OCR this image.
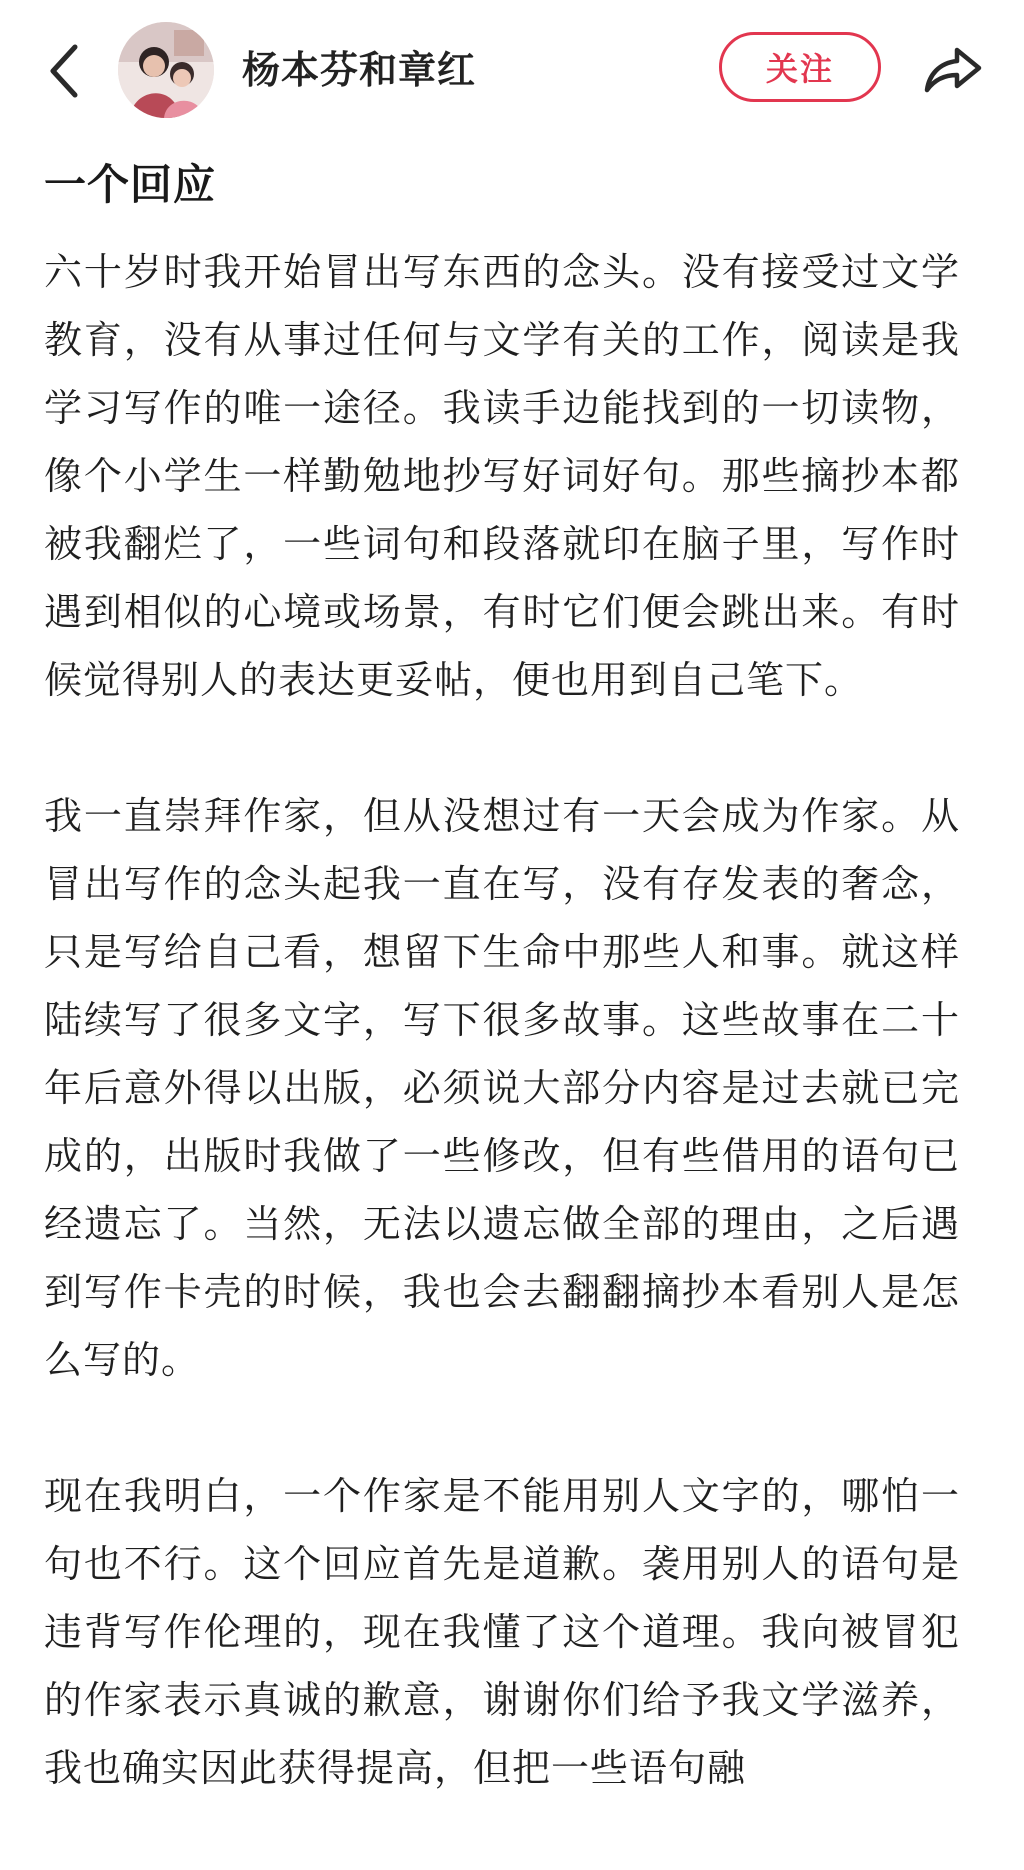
杨本芬和章红	关注
一个回应

六十岁时我开始冒出写东西的念头。没有接受过文学教育，没有从事过任何与文学有关的工作，阅读是我学习写作的唯一途径。我读手边能找到的一切读物，像个小学生一样勤勉地抄写好词好句。那些摘抄本都被我翻烂了，一些词句和段落就印在脑子里，写作时遇到相似的心境或场景，有时它们便会跳出来。有时候觉得别人的表达更妥帖，便也用到自己笔下。

我一直崇拜作家，但从没想过有一天会成为作家。从冒出写作的念头起我一直在写，没有存发表的奢念，只是写给自己看，想留下生命中那些人和事。就这样陆续写了很多文字，写下很多故事。这些故事在二十年后意外得以出版，必须说大部分内容是过去就已完成的，出版时我做了一些修改，但有些借用的语句已经遗忘了。当然，无法以遗忘做全部的理由，之后遇到写作卡壳的时候，我也会去翻翻摘抄本看别人是怎么写的。

现在我明白，一个作家是不能用别人文字的，哪怕一句也不行。这个回应首先是道歉。袭用别人的语句是违背写作伦理的，现在我懂了这个道理。我向被冒犯的作家表示真诚的歉意，谢谢你们给予我文学滋养，我也确实因此获得提高，但把一些语句融
